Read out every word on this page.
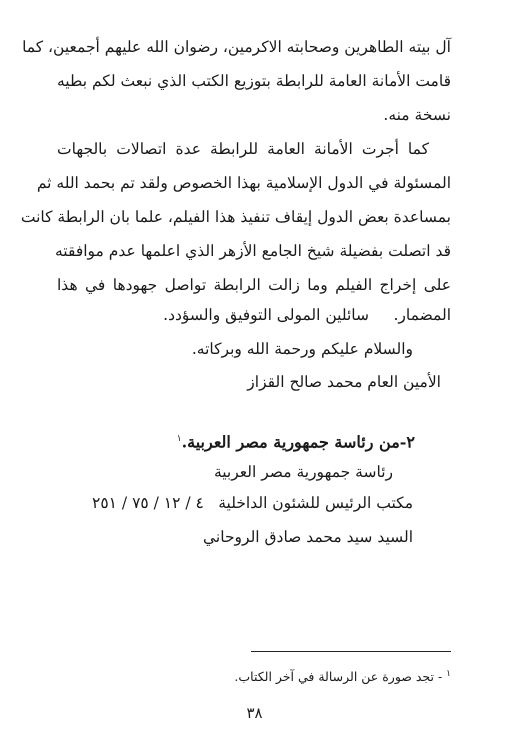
آل بيته الطاهرين وصحابته الاكرمين، رضوان الله عليهم أجمعين، كما
قامت الأمانة العامة للرابطة بتوزيع الكتب الذي نبعث لكم بطيه
نسخة منه.
كما أجرت الأمانة العامة للرابطة عدة اتصالات بالجهات
المسئولة في الدول الإسلامية بهذا الخصوص ولقد تم بحمد الله ثم
بمساعدة بعض الدول إيقاف تنفيذ هذا الفيلم، علما بان الرابطة كانت
قد اتصلت بفضيلة شيخ الجامع الأزهر الذي اعلمها عدم موافقته
على إخراج الفيلم وما زالت الرابطة تواصل جهودها في هذا
المضمار.
سائلين المولى التوفيق والسؤدد.
والسلام عليكم ورحمة الله وبركاته.
الأمين العام محمد صالح القزاز
٢-من رئاسة جمهورية مصر العربية.$^١$
رئاسة جمهورية مصر العربية
مكتب الرئيس للشئون الداخلية
٤ / ١٢ / ٧٥ / ٢٥١
السيد سيد محمد صادق الروحاني
$^١$ - تجد صورة عن الرسالة في آخر الكتاب.
٣٨
